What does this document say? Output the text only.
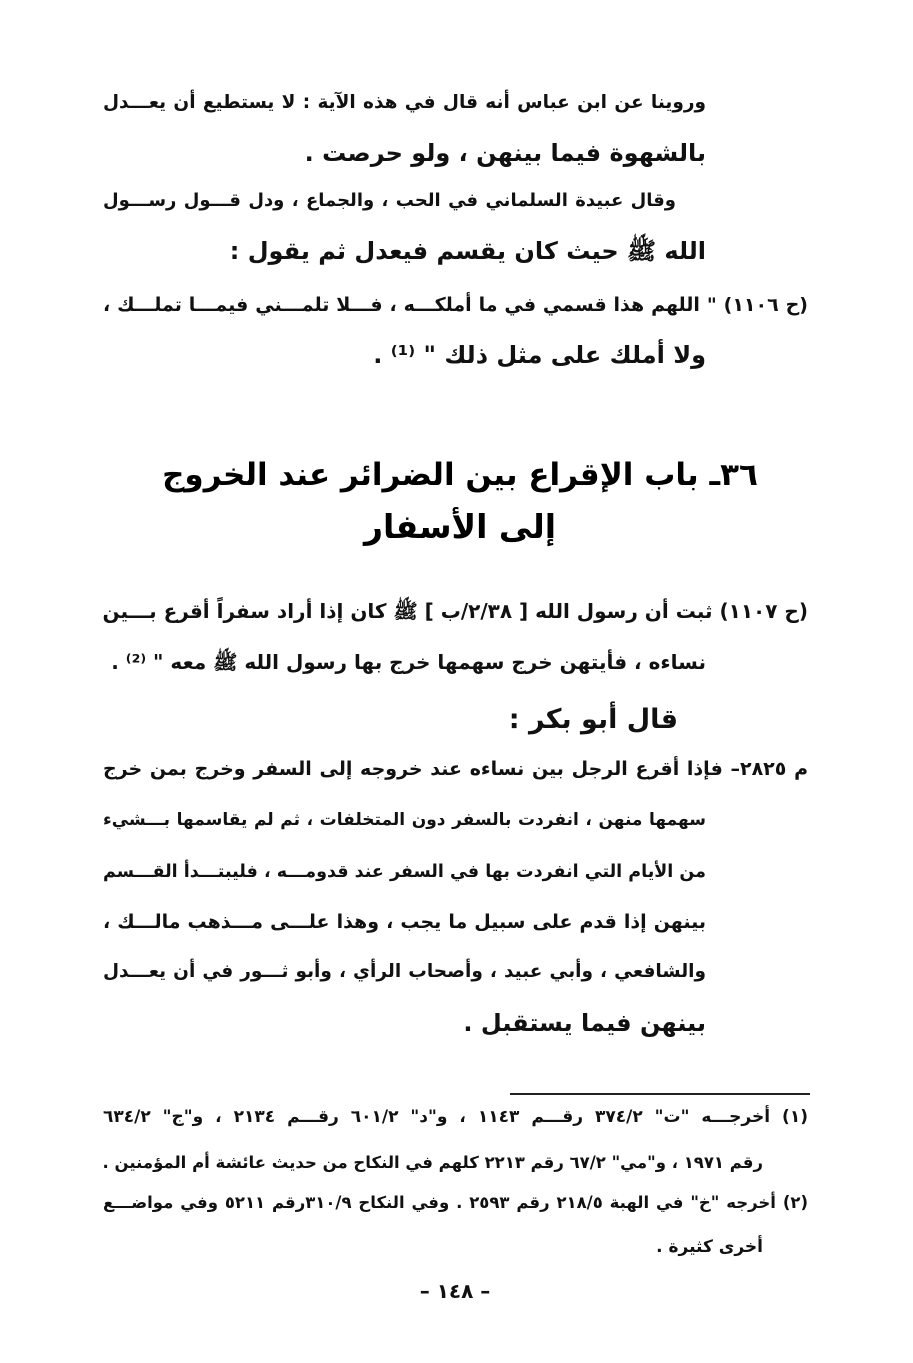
وروينا عن ابن عباس أنه قال في هذه الآية : لا يستطيع أن يعـــدل
بالشهوة فيما بينهن ، ولو حرصت .
وقال عبيدة السلماني في الحب ، والجماع ، ودل قـــول رســـول
الله ﷺ حيث كان يقسم فيعدل ثم يقول :
(ح ١١٠٦) " اللهم هذا قسمي في ما أملكـــه ، فـــلا تلمـــني فيمـــا تملـــك ،
ولا أملك على مثل ذلك " ⁽¹⁾ .
٣٦ـ باب الإقراع بين الضرائر عند الخروج
إلى الأسفار
(ح ١١٠٧) ثبت أن رسول الله [ ٢/٣٨/ب ] ﷺ كان إذا أراد سفراً أقرع بـــين
نساءه ، فأيتهن خرج سهمها خرج بها رسول الله ﷺ معه " ⁽²⁾ .
قال أبو بكر :
م ٢٨٢٥– فإذا أقرع الرجل بين نساءه عند خروجه إلى السفر وخرج بمن خرج
سهمها منهن ، انفردت بالسفر دون المتخلفات ، ثم لم يقاسمها بـــشيء
من الأيام التي انفردت بها في السفر عند قدومـــه ، فليبتـــدأ القـــسم
بينهن إذا قدم على سبيل ما يجب ، وهذا علـــى مـــذهب مالـــك ،
والشافعي ، وأبي عبيد ، وأصحاب الرأي ، وأبو ثـــور في أن يعـــدل
بينهن فيما يستقبل .
(١) أخرجـــه "ت" ٣٧٤/٢ رقـــم ١١٤٣ ، و"د" ٦٠١/٢ رقـــم ٢١٣٤ ، و"ج" ٦٣٤/٢
رقم ١٩٧١ ، و"مي" ٦٧/٢ رقم ٢٢١٣ كلهم في النكاح من حديث عائشة أم المؤمنين .
(٢) أخرجه "خ" في الهبة ٢١٨/٥ رقم ٢٥٩٣ . وفي النكاح ٣١٠/٩رقم ٥٢١١ وفي مواضـــع
أخرى كثيرة .
– ١٤٨ –
